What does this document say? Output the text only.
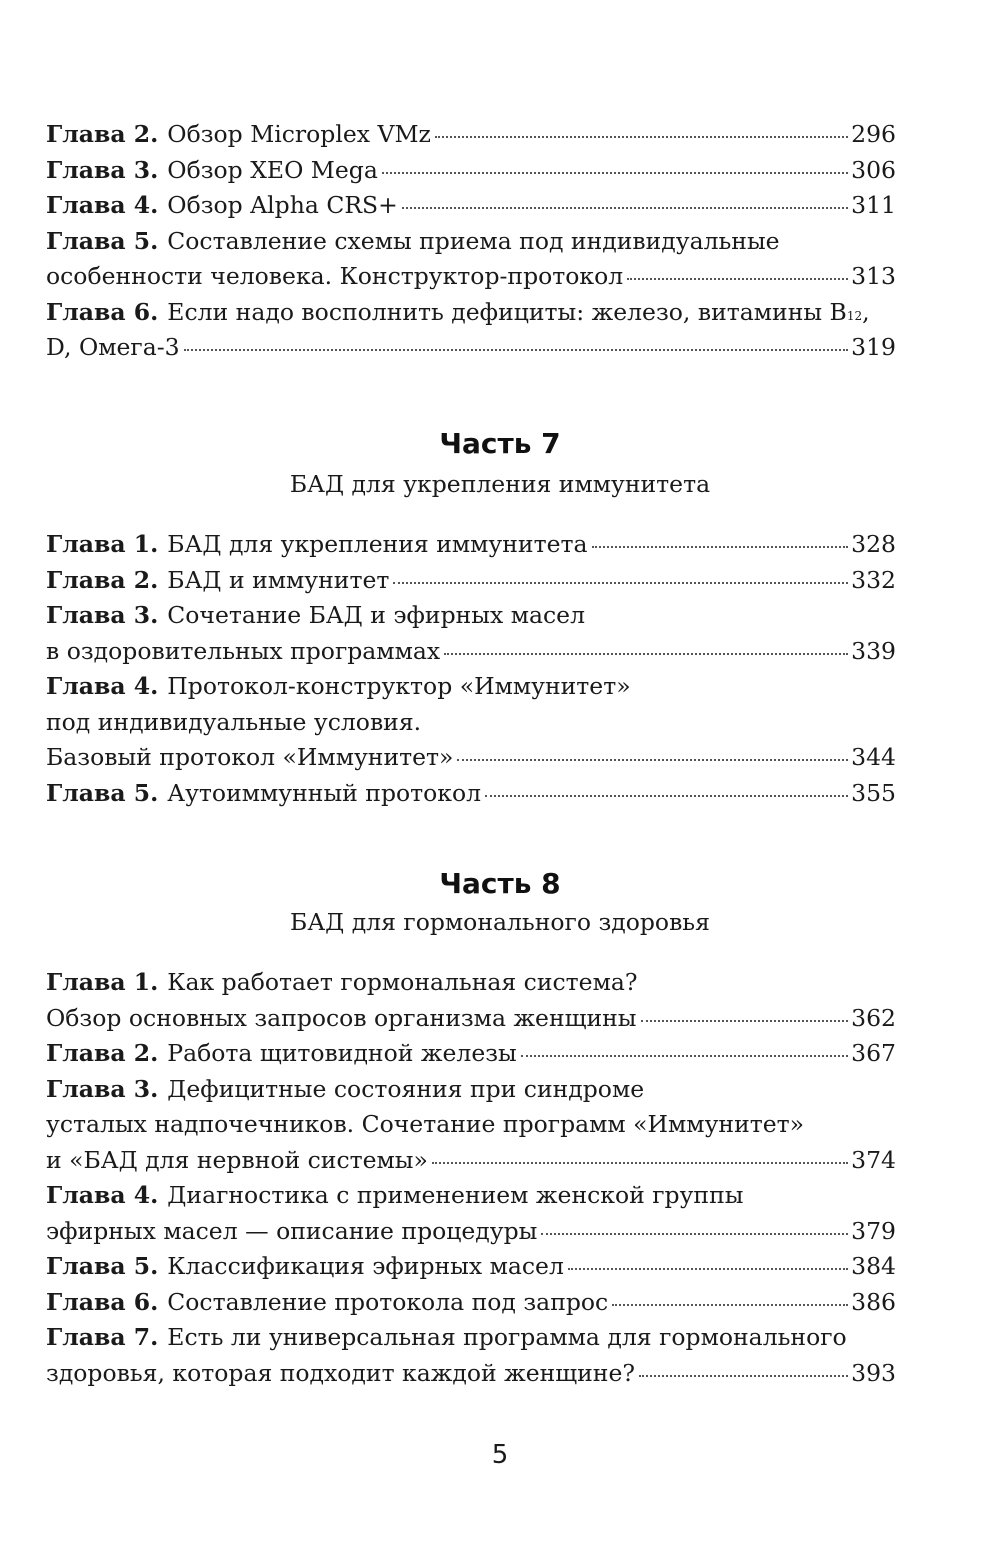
Глава 2. Обзор Microplex VMz	296
Глава 3. Обзор XEO Mega	306
Глава 4. Обзор Alpha CRS+	311
Глава 5. Составление схемы приема под индивидуальные
особенности человека. Конструктор-протокол	313
Глава 6. Если надо восполнить дефициты: железо, витамины B 12 ,
D, Омега-3	319
Часть 7
БАД для укрепления иммунитета
Глава 1. БАД для укрепления иммунитета	328
Глава 2. БАД и иммунитет	332
Глава 3. Сочетание БАД и эфирных масел
в оздоровительных программах	339
Глава 4. Протокол-конструктор «Иммунитет»
под индивидуальные условия.
Базовый протокол «Иммунитет»	344
Глава 5. Аутоиммунный протокол	355
Часть 8
БАД для гормонального здоровья
Глава 1. Как работает гормональная система?
Обзор основных запросов организма женщины	362
Глава 2. Работа щитовидной железы	367
Глава 3. Дефицитные состояния при синдроме
усталых надпочечников. Сочетание программ «Иммунитет»
и «БАД для нервной системы»	374
Глава 4. Диагностика с применением женской группы
эфирных масел — описание процедуры	379
Глава 5. Классификация эфирных масел	384
Глава 6. Составление протокола под запрос	386
Глава 7. Есть ли универсальная программа для гормонального
здоровья, которая подходит каждой женщине?	393
5
